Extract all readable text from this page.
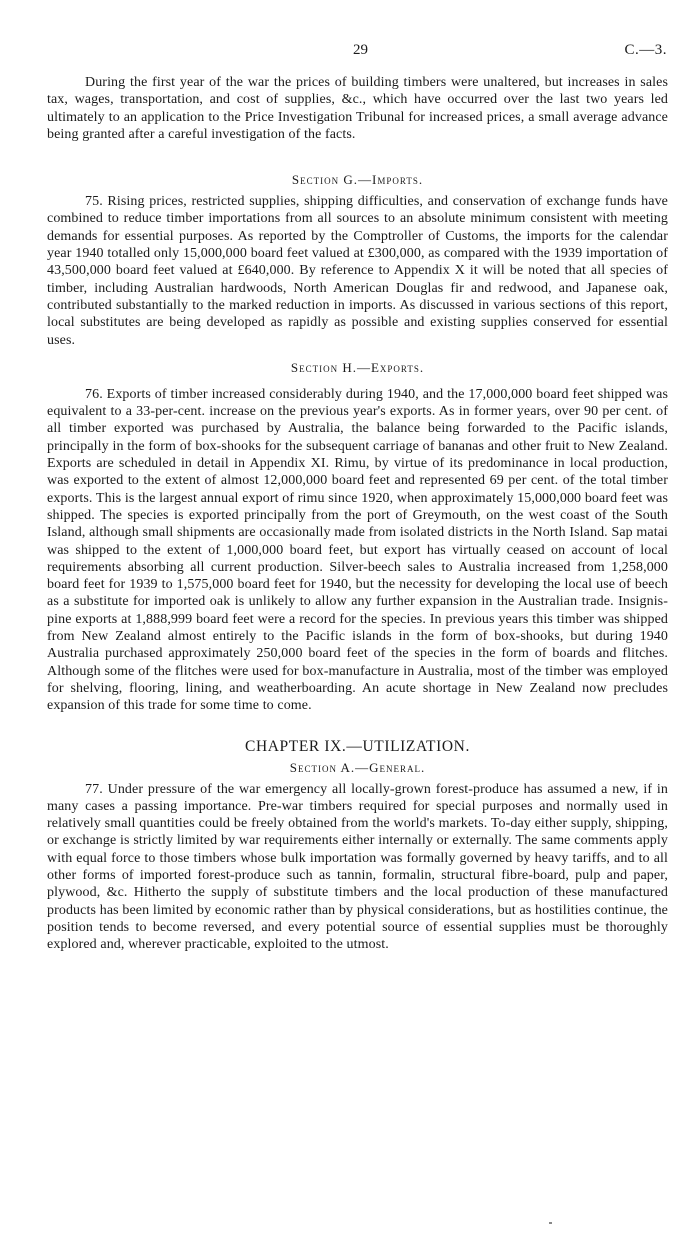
29	C.—3.

During the first year of the war the prices of building timbers were unaltered, but increases in sales tax, wages, transportation, and cost of supplies, &c., which have occurred over the last two years led ultimately to an application to the Price Investigation Tribunal for increased prices, a small average advance being granted after a careful investigation of the facts.

Section G.—Imports.

75. Rising prices, restricted supplies, shipping difficulties, and conservation of exchange funds have combined to reduce timber importations from all sources to an absolute minimum consistent with meeting demands for essential purposes. As reported by the Comptroller of Customs, the imports for the calendar year 1940 totalled only 15,000,000 board feet valued at £300,000, as compared with the 1939 importation of 43,500,000 board feet valued at £640,000. By reference to Appendix X it will be noted that all species of timber, including Australian hardwoods, North American Douglas fir and redwood, and Japanese oak, contributed substantially to the marked reduction in imports. As discussed in various sections of this report, local substitutes are being developed as rapidly as possible and existing supplies conserved for essential uses.

Section H.—Exports.

76. Exports of timber increased considerably during 1940, and the 17,000,000 board feet shipped was equivalent to a 33-per-cent. increase on the previous year's exports. As in former years, over 90 per cent. of all timber exported was purchased by Australia, the balance being forwarded to the Pacific islands, principally in the form of box-shooks for the subsequent carriage of bananas and other fruit to New Zealand. Exports are scheduled in detail in Appendix XI. Rimu, by virtue of its predominance in local production, was exported to the extent of almost 12,000,000 board feet and represented 69 per cent. of the total timber exports. This is the largest annual export of rimu since 1920, when approximately 15,000,000 board feet was shipped. The species is exported principally from the port of Greymouth, on the west coast of the South Island, although small shipments are occasionally made from isolated districts in the North Island. Sap matai was shipped to the extent of 1,000,000 board feet, but export has virtually ceased on account of local requirements absorbing all current production. Silver-beech sales to Australia increased from 1,258,000 board feet for 1939 to 1,575,000 board feet for 1940, but the necessity for developing the local use of beech as a substitute for imported oak is unlikely to allow any further expansion in the Australian trade. Insignis-pine exports at 1,888,999 board feet were a record for the species. In previous years this timber was shipped from New Zealand almost entirely to the Pacific islands in the form of box-shooks, but during 1940 Australia purchased approximately 250,000 board feet of the species in the form of boards and flitches. Although some of the flitches were used for box-manufacture in Australia, most of the timber was employed for shelving, flooring, lining, and weatherboarding. An acute shortage in New Zealand now precludes expansion of this trade for some time to come.

CHAPTER IX.—UTILIZATION.
Section A.—General.

77. Under pressure of the war emergency all locally-grown forest-produce has assumed a new, if in many cases a passing importance. Pre-war timbers required for special purposes and normally used in relatively small quantities could be freely obtained from the world's markets. To-day either supply, shipping, or exchange is strictly limited by war requirements either internally or externally. The same comments apply with equal force to those timbers whose bulk importation was formally governed by heavy tariffs, and to all other forms of imported forest-produce such as tannin, formalin, structural fibre-board, pulp and paper, plywood, &c. Hitherto the supply of substitute timbers and the local production of these manufactured products has been limited by economic rather than by physical considerations, but as hostilities continue, the position tends to become reversed, and every potential source of essential supplies must be thoroughly explored and, wherever practicable, exploited to the utmost.
